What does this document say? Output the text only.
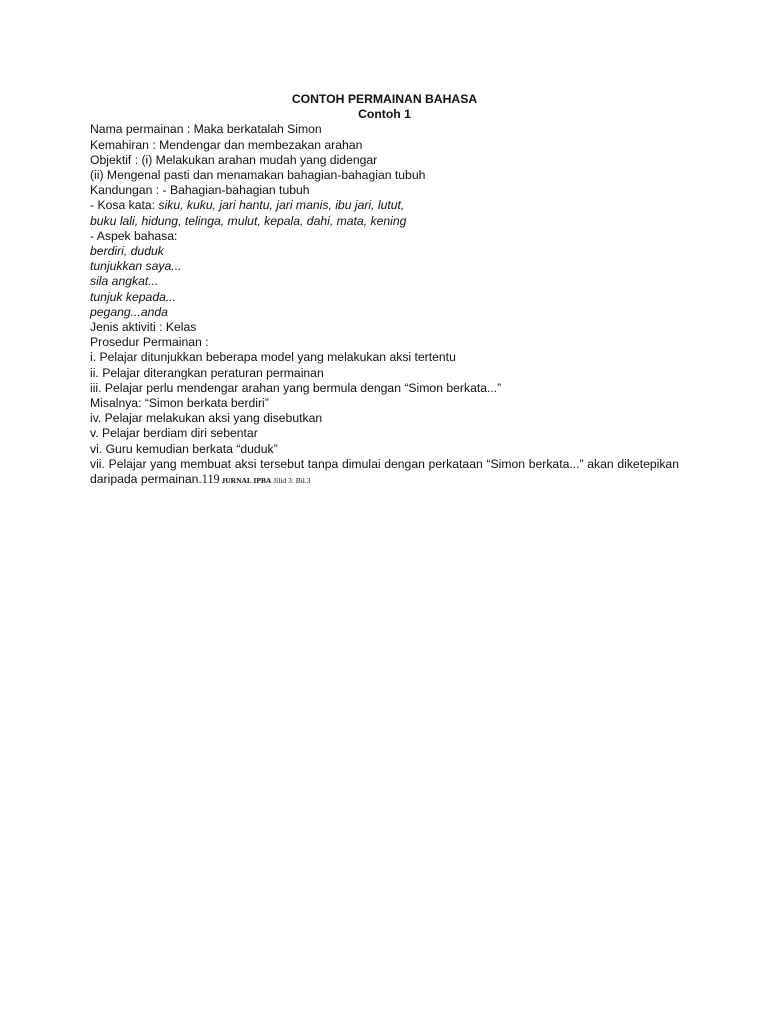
CONTOH PERMAINAN BAHASA
Contoh 1
Nama permainan : Maka berkatalah Simon
Kemahiran : Mendengar dan membezakan arahan
Objektif : (i) Melakukan arahan mudah yang didengar
(ii) Mengenal pasti dan menamakan bahagian-bahagian tubuh
Kandungan : - Bahagian-bahagian tubuh
- Kosa kata: siku, kuku, jari hantu, jari manis, ibu jari, lutut,
buku lali, hidung, telinga, mulut, kepala, dahi, mata, kening
- Aspek bahasa:
berdiri, duduk
tunjukkan saya...
sila angkat...
tunjuk kepada...
pegang...anda
Jenis aktiviti : Kelas
Prosedur Permainan :
i. Pelajar ditunjukkan beberapa model yang melakukan aksi tertentu
ii. Pelajar diterangkan peraturan permainan
iii. Pelajar perlu mendengar arahan yang bermula dengan “Simon berkata...”
Misalnya: “Simon berkata berdiri”
iv. Pelajar melakukan aksi yang disebutkan
v. Pelajar berdiam diri sebentar
vi. Guru kemudian berkata “duduk”
vii. Pelajar yang membuat aksi tersebut tanpa dimulai dengan perkataan “Simon berkata...” akan diketepikan daripada permainan.119 JURNAL IPBA Jilid 3: Bil.3
